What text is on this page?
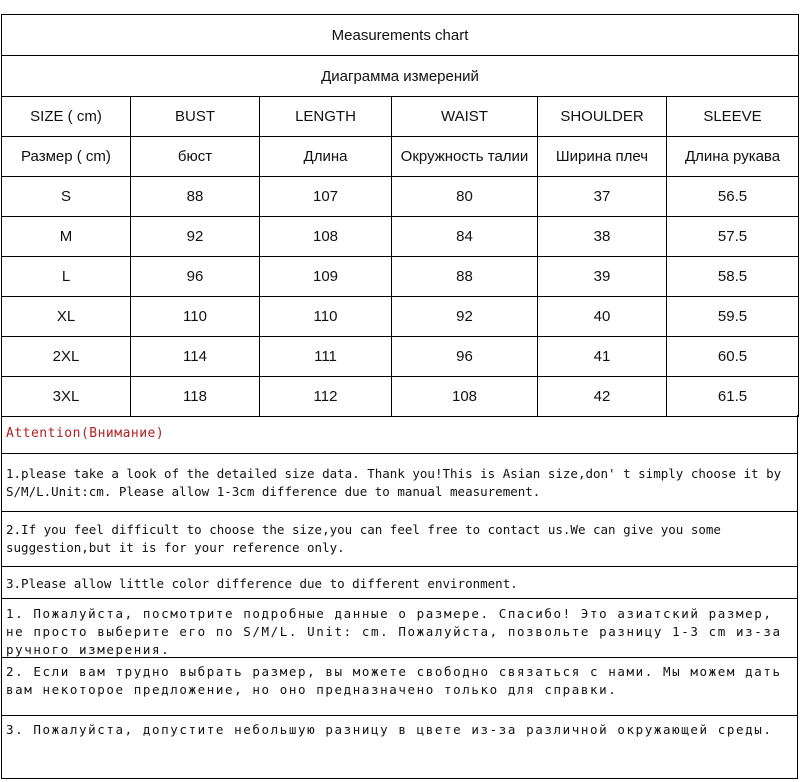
Measurements chart					
Диаграмма измерений					
SIZE ( cm)	BUST	LENGTH	WAIST	SHOULDER	SLEEVE
Размер ( cm)	бюст	Длина	Окружность талии	Ширина плеч	Длина рукава
S	88	107	80	37	56.5
M	92	108	84	38	57.5
L	96	109	88	39	58.5
XL	110	110	92	40	59.5
2XL	114	111	96	41	60.5
3XL	118	112	108	42	61.5
Attention(Внимание)
1.please take a look of the detailed size data. Thank you!This is Asian size,don' t simply choose it by S/M/L.Unit:cm. Please allow 1-3cm difference due to manual measurement.
2.If you feel difficult to choose the size,you can feel free to contact us.We can give you some suggestion,but it is for your reference only.
3.Please allow little color difference due to different environment.
1. Пожалуйста, посмотрите подробные данные о размере. Спасибо! Это азиатский размер, не просто выберите его по S/M/L. Unit: cm. Пожалуйста, позвольте разницу 1-3 cm из-за ручного измерения.
2. Если вам трудно выбрать размер, вы можете свободно связаться с нами. Мы можем дать вам некоторое предложение, но оно предназначено только для справки.
3. Пожалуйста, допустите небольшую разницу в цвете из-за различной окружающей среды.
